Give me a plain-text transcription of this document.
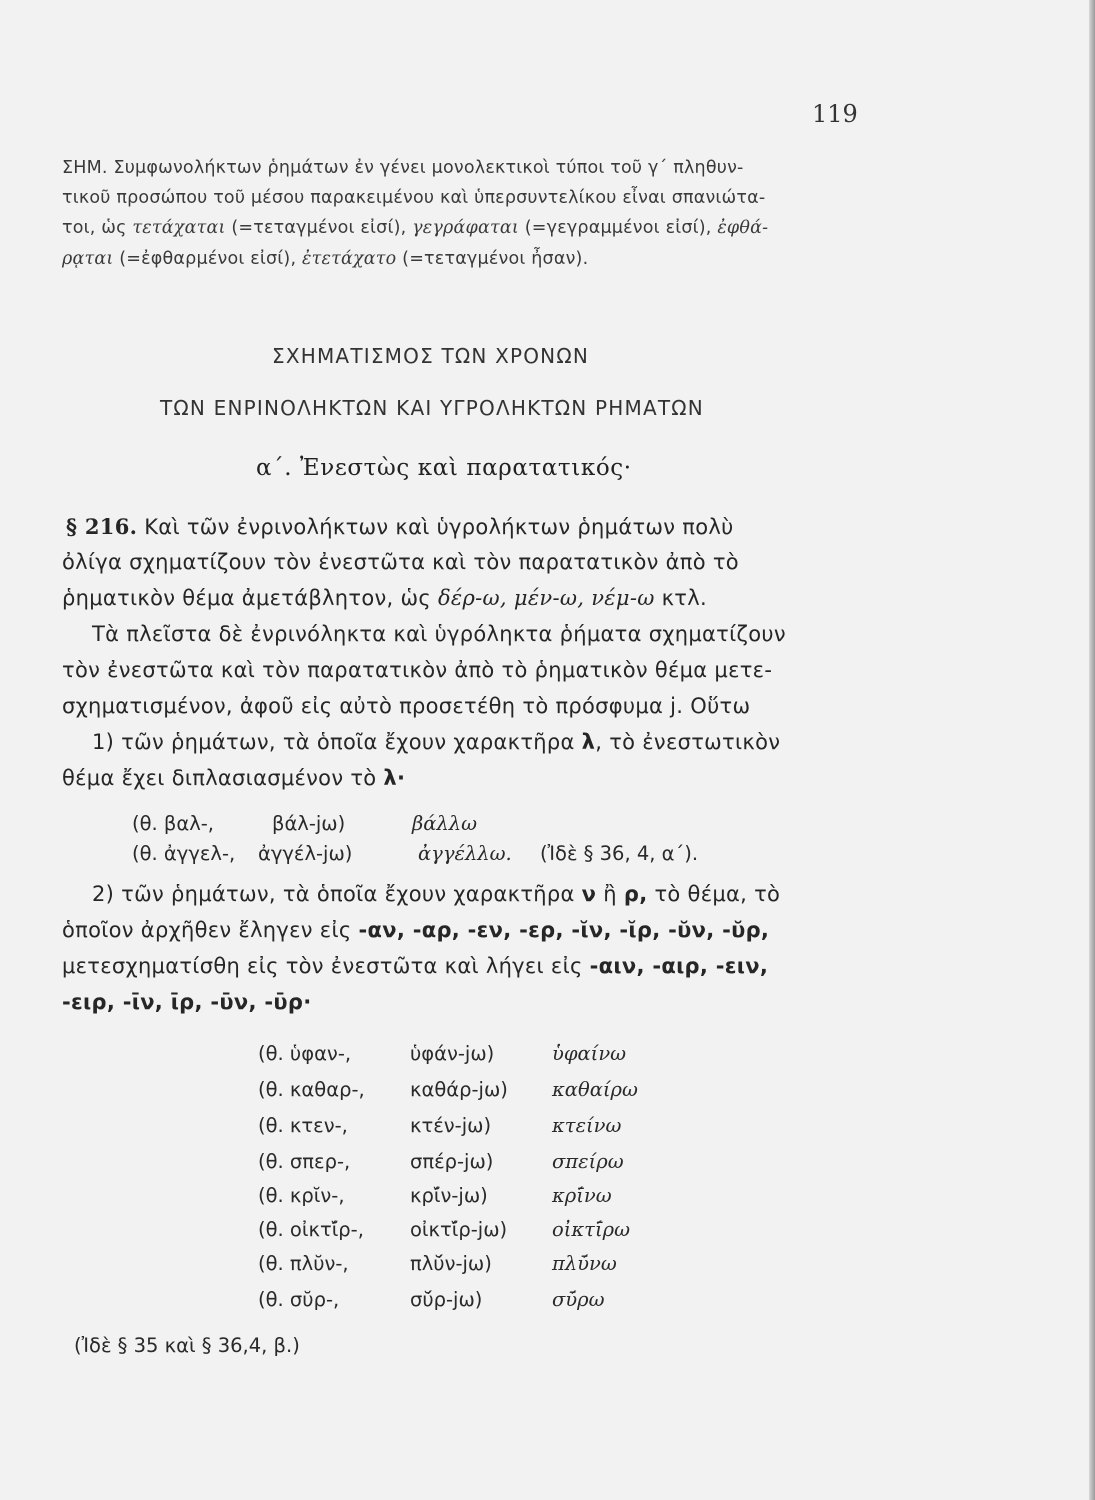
119
ΣΗΜ. Συμφωνολήκτων ῥημάτων ἐν γένει μονολεκτικοὶ τύποι τοῦ γ΄ πληθυν-
τικοῦ προσώπου τοῦ μέσου παρακειμένου καὶ ὑπερσυντελίκου εἶναι σπανιώτα-
τοι, ὡς τετάχαται (=τεταγμένοι εἰσί), γεγράφαται (=γεγραμμένοι εἰσί), ἐφθά-
ρᾳται (=ἐφθαρμένοι εἰσί), ἐτετάχατο (=τεταγμένοι ἦσαν).
ΣΧΗΜΑΤΙΣΜΟΣ ΤΩΝ ΧΡΟΝΩΝ
ΤΩΝ ΕΝΡΙΝΟΛΗΚΤΩΝ ΚΑΙ ΥΓΡΟΛΗΚΤΩΝ ΡΗΜΑΤΩΝ
α΄. Ἐνεστὼς καὶ παρατατικός·
§ 216. Καὶ τῶν ἐνρινολήκτων καὶ ὑγρολήκτων ῥημάτων πολὺ
ὀλίγα σχηματίζουν τὸν ἐνεστῶτα καὶ τὸν παρατατικὸν ἀπὸ τὸ
ῥηματικὸν θέμα ἀμετάβλητον, ὡς δέρ-ω, μέν-ω, νέμ-ω κτλ.
Τὰ πλεῖστα δὲ ἐνρινόληκτα καὶ ὑγρόληκτα ῥήματα σχηματίζουν
τὸν ἐνεστῶτα καὶ τὸν παρατατικὸν ἀπὸ τὸ ῥηματικὸν θέμα μετε-
σχηματισμένον, ἀφοῦ εἰς αὐτὸ προσετέθη τὸ πρόσφυμα j. Οὕτω
1) τῶν ῥημάτων, τὰ ὁποῖα ἔχουν χαρακτῆρα λ, τὸ ἐνεστωτικὸν
θέμα ἔχει διπλασιασμένον τὸ λ·
(θ. βαλ-,	βάλ-jω)	βάλλω
(θ. ἀγγελ-, ἀγγέλ-jω)	ἀγγέλλω. (Ἰδὲ § 36, 4, α΄).
2) τῶν ῥημάτων, τὰ ὁποῖα ἔχουν χαρακτῆρα ν ἢ ρ, τὸ θέμα, τὸ
ὁποῖον ἀρχῆθεν ἔληγεν εἰς -αν, -αρ, -εν, -ερ, -ῐν, -ῐρ, -ῠν, -ῠρ,
μετεσχηματίσθη εἰς τὸν ἐνεστῶτα καὶ λήγει εἰς -αιν, -αιρ, -ειν,
-ειρ, -ῑν, ῑρ, -ῡν, -ῡρ·
(θ. ὑφαν-,	ὑφάν-jω)	ὑφαίνω
(θ. καθαρ-, καθάρ-jω) καθαίρω
(θ. κτεν-,	κτέν-jω)	κτείνω
(θ. σπερ-,	σπέρ-jω)	σπείρω
(θ. κρῐν-,	κρῐ́ν-jω)	κρῑ́νω
(θ. οἰκτῐ́ρ-, οἰκτῐ́ρ-jω) οἰκτῑ́ρω
(θ. πλῠν-,	πλῠ́ν-jω)	πλῡ́νω
(θ. σῠρ-,	σῠ́ρ-jω)	σῡ́ρω
(Ἰδὲ § 35 καὶ § 36,4, β.)
